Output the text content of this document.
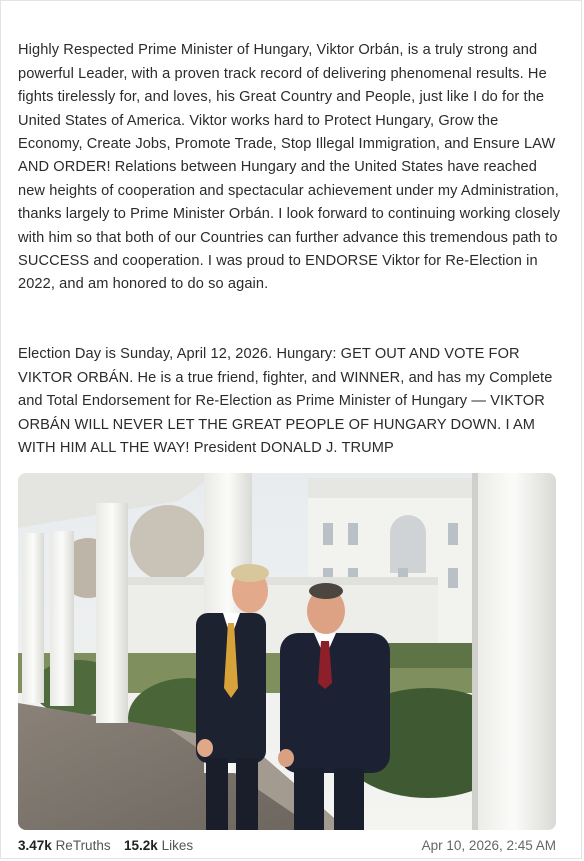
Highly Respected Prime Minister of Hungary, Viktor Orbán, is a truly strong and powerful Leader, with a proven track record of delivering phenomenal results. He fights tirelessly for, and loves, his Great Country and People, just like I do for the United States of America. Viktor works hard to Protect Hungary, Grow the Economy, Create Jobs, Promote Trade, Stop Illegal Immigration, and Ensure LAW AND ORDER! Relations between Hungary and the United States have reached new heights of cooperation and spectacular achievement under my Administration, thanks largely to Prime Minister Orbán. I look forward to continuing working closely with him so that both of our Countries can further advance this tremendous path to SUCCESS and cooperation. I was proud to ENDORSE Viktor for Re-Election in 2022, and am honored to do so again.

Election Day is Sunday, April 12, 2026. Hungary: GET OUT AND VOTE FOR VIKTOR ORBÁN. He is a true friend, fighter, and WINNER, and has my Complete and Total Endorsement for Re-Election as Prime Minister of Hungary — VIKTOR ORBÁN WILL NEVER LET THE GREAT PEOPLE OF HUNGARY DOWN. I AM WITH HIM ALL THE WAY! President DONALD J. TRUMP

3.47k ReTruths 15.2k Likes	Apr 10, 2026, 2:45 AM
